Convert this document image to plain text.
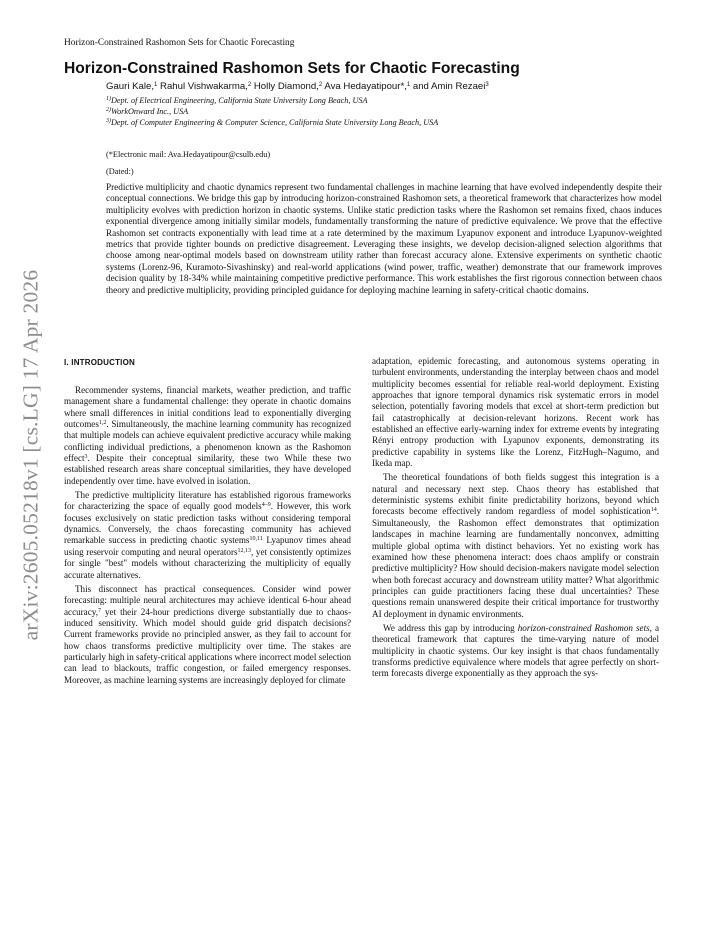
Horizon-Constrained Rashomon Sets for Chaotic Forecasting
arXiv:2605.05218v1 [cs.LG] 17 Apr 2026
Horizon-Constrained Rashomon Sets for Chaotic Forecasting
Gauri Kale,$^1$ Rahul Vishwakarma,$^2$ Holly Diamond,$^2$ Ava Hedayatipour*,$^1$ and Amin Rezaei$^3$
$^{1)}$Dept. of Electrical Engineering, California State University Long Beach, USA
$^{2)}$WorkOnward Inc., USA
$^{3)}$Dept. of Computer Engineering & Computer Science, California State University Long Beach, USA
(*Electronic mail: Ava.Hedayatipour@csulb.edu)
(Dated:)

Predictive multiplicity and chaotic dynamics represent two fundamental challenges in machine learning that have evolved independently despite their conceptual connections. We bridge this gap by introducing horizon-constrained Rashomon sets, a theoretical framework that characterizes how model multiplicity evolves with prediction horizon in chaotic systems. Unlike static prediction tasks where the Rashomon set remains fixed, chaos induces exponential divergence among initially similar models, fundamentally transforming the nature of predictive equivalence. We prove that the effective Rashomon set contracts exponentially with lead time at a rate determined by the maximum Lyapunov exponent and introduce Lyapunov-weighted metrics that provide tighter bounds on predictive disagreement. Leveraging these insights, we develop decision-aligned selection algorithms that choose among near-optimal models based on downstream utility rather than forecast accuracy alone. Extensive experiments on synthetic chaotic systems (Lorenz-96, Kuramoto-Sivashinsky) and real-world applications (wind power, traffic, weather) demonstrate that our framework improves decision quality by 18-34% while maintaining competitive predictive performance. This work establishes the first rigorous connection between chaos theory and predictive multiplicity, providing principled guidance for deploying machine learning in safety-critical chaotic domains.

I. INTRODUCTION

Recommender systems, financial markets, weather prediction, and traffic management share a fundamental challenge: they operate in chaotic domains where small differences in initial conditions lead to exponentially diverging outcomes$^{1,2}$. Simultaneously, the machine learning community has recognized that multiple models can achieve equivalent predictive accuracy while making conflicting individual predictions, a phenomenon known as the Rashomon effect$^3$. Despite their conceptual similarity, these two While these two established research areas share conceptual similarities, they have developed independently over time. have evolved in isolation.

The predictive multiplicity literature has established rigorous frameworks for characterizing the space of equally good models$^{4-9}$. However, this work focuses exclusively on static prediction tasks without considering temporal dynamics. Conversely, the chaos forecasting community has achieved remarkable success in predicting chaotic systems$^{10,11}$ Lyapunov times ahead using reservoir computing and neural operators$^{12,13}$, yet consistently optimizes for single "best" models without characterizing the multiplicity of equally accurate alternatives.

This disconnect has practical consequences. Consider wind power forecasting: multiple neural architectures may achieve identical 6-hour ahead accuracy,$^7$ yet their 24-hour predictions diverge substantially due to chaos-induced sensitivity. Which model should guide grid dispatch decisions? Current frameworks provide no principled answer, as they fail to account for how chaos transforms predictive multiplicity over time. The stakes are particularly high in safety-critical applications where incorrect model selection can lead to blackouts, traffic congestion, or failed emergency responses. Moreover, as machine learning systems are increasingly deployed for climate

adaptation, epidemic forecasting, and autonomous systems operating in turbulent environments, understanding the interplay between chaos and model multiplicity becomes essential for reliable real-world deployment. Existing approaches that ignore temporal dynamics risk systematic errors in model selection, potentially favoring models that excel at short-term prediction but fail catastrophically at decision-relevant horizons. Recent work has established an effective early-warning index for extreme events by integrating Rényi entropy production with Lyapunov exponents, demonstrating its predictive capability in systems like the Lorenz, FitzHugh–Nagumo, and Ikeda map.

The theoretical foundations of both fields suggest this integration is a natural and necessary next step. Chaos theory has established that deterministic systems exhibit finite predictability horizons, beyond which forecasts become effectively random regardless of model sophistication$^{14}$. Simultaneously, the Rashomon effect demonstrates that optimization landscapes in machine learning are fundamentally nonconvex, admitting multiple global optima with distinct behaviors. Yet no existing work has examined how these phenomena interact: does chaos amplify or constrain predictive multiplicity? How should decision-makers navigate model selection when both forecast accuracy and downstream utility matter? What algorithmic principles can guide practitioners facing these dual uncertainties? These questions remain unanswered despite their critical importance for trustworthy AI deployment in dynamic environments.

We address this gap by introducing horizon-constrained Rashomon sets, a theoretical framework that captures the time-varying nature of model multiplicity in chaotic systems. Our key insight is that chaos fundamentally transforms predictive equivalence where models that agree perfectly on short-term forecasts diverge exponentially as they approach the sys-
